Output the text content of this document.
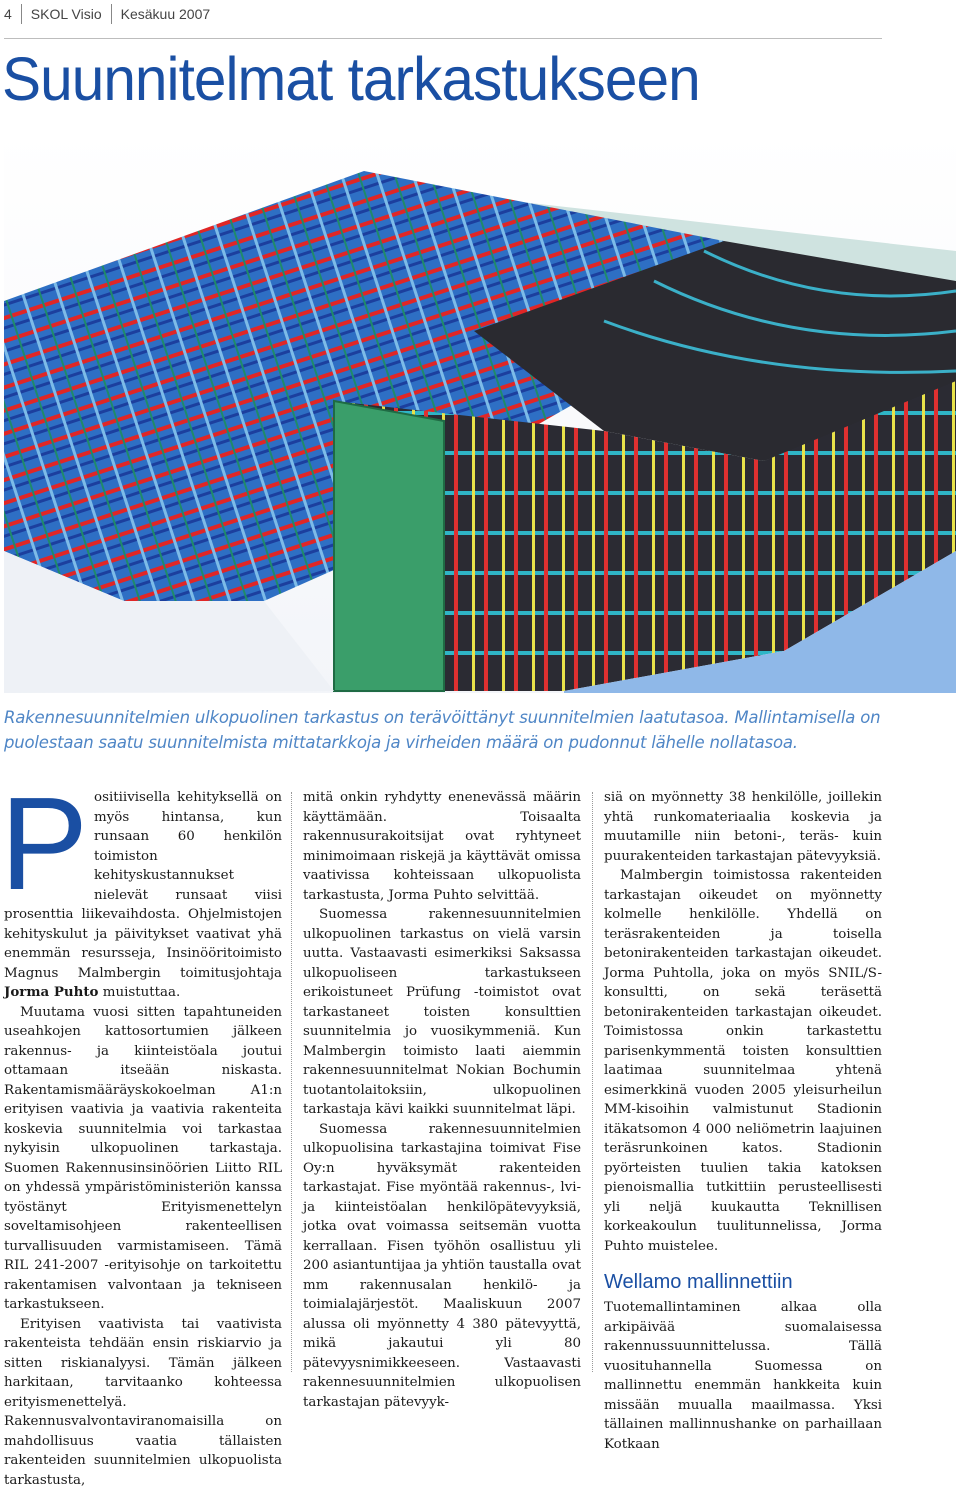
4 SKOL Visio Kesäkuu 2007
Suunnitelmat tarkastukseen

Rakennesuunnitelmien ulkopuolinen tarkastus on terävöittänyt suunnitelmien laatutasoa. Mallintamisella on puolestaan saatu suunnitelmista mittatarkkoja ja virheiden määrä on pudonnut lähelle nollatasoa.

Positiivisella kehityksellä on myös hintansa, kun runsaan 60 henkilön toimiston kehityskustannukset nielevät runsaat viisi prosenttia liikevaihdosta. Ohjelmistojen kehityskulut ja päivitykset vaativat yhä enemmän resursseja, Insinööritoimisto Magnus Malmbergin toimitusjohtaja Jorma Puhto muistuttaa.

Muutama vuosi sitten tapahtuneiden useahkojen kattosortumien jälkeen rakennus- ja kiinteistöala joutui ottamaan itseään niskasta. Rakentamismääräyskokoelman A1:n erityisen vaativia ja vaativia rakenteita koskevia suunnitelmia voi tarkastaa nykyisin ulkopuolinen tarkastaja. Suomen Rakennusinsinöörien Liitto RIL on yhdessä ympäristöministeriön kanssa työstänyt Erityismenettelyn soveltamisohjeen rakenteellisen turvallisuuden varmistamiseen. Tämä RIL 241-2007 -erityisohje on tarkoitettu rakentamisen valvontaan ja tekniseen tarkastukseen.

Erityisen vaativista tai vaativista rakenteista tehdään ensin riskiarvio ja sitten riskianalyysi. Tämän jälkeen harkitaan, tarvitaanko kohteessa erityismenettelyä. Rakennusvalvontaviranomaisilla on mahdollisuus vaatia tällaisten rakenteiden suunnitelmien ulkopuolista tarkastusta,

mitä onkin ryhdytty enenevässä määrin käyttämään. Toisaalta rakennusurakoitsijat ovat ryhtyneet minimoimaan riskejä ja käyttävät omissa vaativissa kohteissaan ulkopuolista tarkastusta, Jorma Puhto selvittää.

Suomessa rakennesuunnitelmien ulkopuolinen tarkastus on vielä varsin uutta. Vastaavasti esimerkiksi Saksassa ulkopuoliseen tarkastukseen erikoistuneet Prüfung -toimistot ovat tarkastaneet toisten konsulttien suunnitelmia jo vuosikymmeniä. Kun Malmbergin toimisto laati aiemmin rakennesuunnitelmat Nokian Bochumin tuotantolaitoksiin, ulkopuolinen tarkastaja kävi kaikki suunnitelmat läpi.

Suomessa rakennesuunnitelmien ulkopuolisina tarkastajina toimivat Fise Oy:n hyväksymät rakenteiden tarkastajat. Fise myöntää rakennus-, lvi- ja kiinteistöalan henkilöpätevyyksiä, jotka ovat voimassa seitsemän vuotta kerrallaan. Fisen työhön osallistuu yli 200 asiantuntijaa ja yhtiön taustalla ovat mm rakennusalan henkilö- ja toimialajärjestöt. Maaliskuun 2007 alussa oli myönnetty 4 380 pätevyyttä, mikä jakautui yli 80 pätevyysnimikkeeseen. Vastaavasti rakennesuunnitelmien ulkopuolisen tarkastajan pätevyyk-

siä on myönnetty 38 henkilölle, joillekin yhtä runkomateriaalia koskevia ja muutamille niin betoni-, teräs- kuin puurakenteiden tarkastajan pätevyyksiä.

Malmbergin toimistossa rakenteiden tarkastajan oikeudet on myönnetty kolmelle henkilölle. Yhdellä on teräsrakenteiden ja toisella betonirakenteiden tarkastajan oikeudet. Jorma Puhtolla, joka on myös SNIL/S-konsultti, on sekä teräsettä betonirakenteiden tarkastajan oikeudet. Toimistossa onkin tarkastettu parisenkymmentä toisten konsulttien laatimaa suunnitelmaa yhtenä esimerkkinä vuoden 2005 yleisurheilun MM-kisoihin valmistunut Stadionin itäkatsomon 4 000 neliömetrin laajuinen teräsrunkoinen katos. Stadionin pyörteisten tuulien takia katoksen pienoismallia tutkittiin perusteellisesti yli neljä kuukautta Teknillisen korkeakoulun tuulitunnelissa, Jorma Puhto muistelee.

Wellamo mallinnettiin

Tuotemallintaminen alkaa olla arkipäivää suomalaisessa rakennussuunnittelussa. Tällä vuosituhannella Suomessa on mallinnettu enemmän hankkeita kuin missään muualla maailmassa. Yksi tällainen mallinnushanke on parhaillaan Kotkaan
